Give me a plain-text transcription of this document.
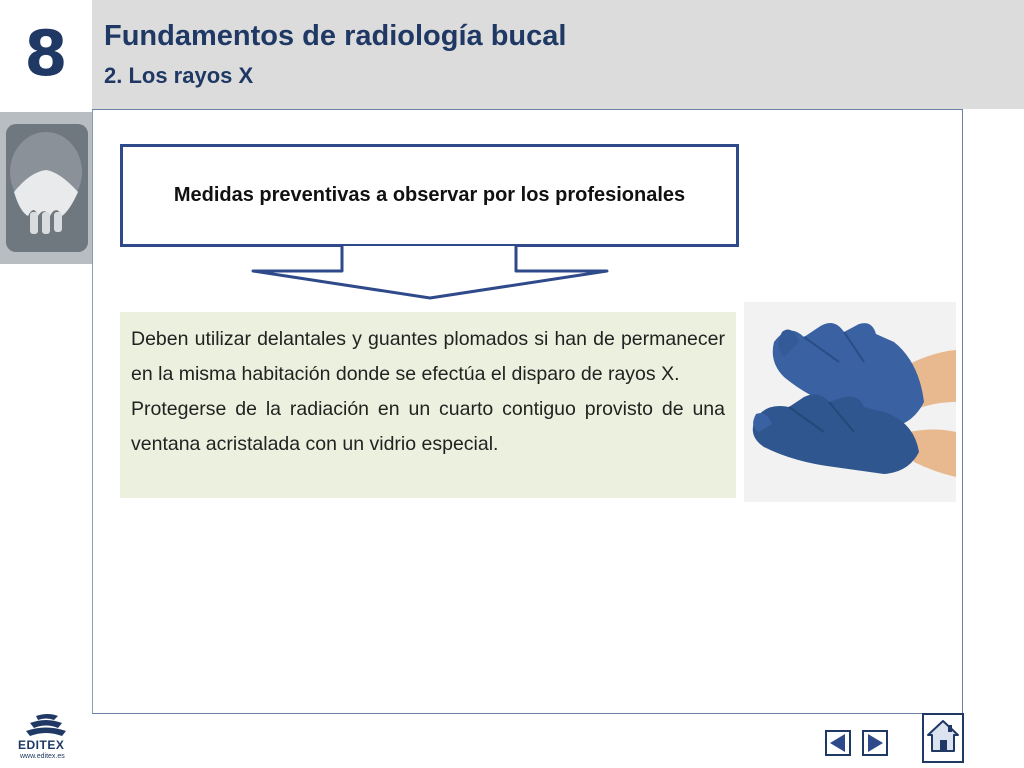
8	Fundamentos de radiología bucal
2. Los rayos X
Medidas preventivas a observar por los profesionales

Deben utilizar delantales y guantes plomados si han de permanecer en la misma habitación donde se efectúa el disparo de rayos X.

Protegerse de la radiación en un cuarto contiguo provisto de una ventana acristalada con un vidrio especial.

EDITEX
www.editex.es
